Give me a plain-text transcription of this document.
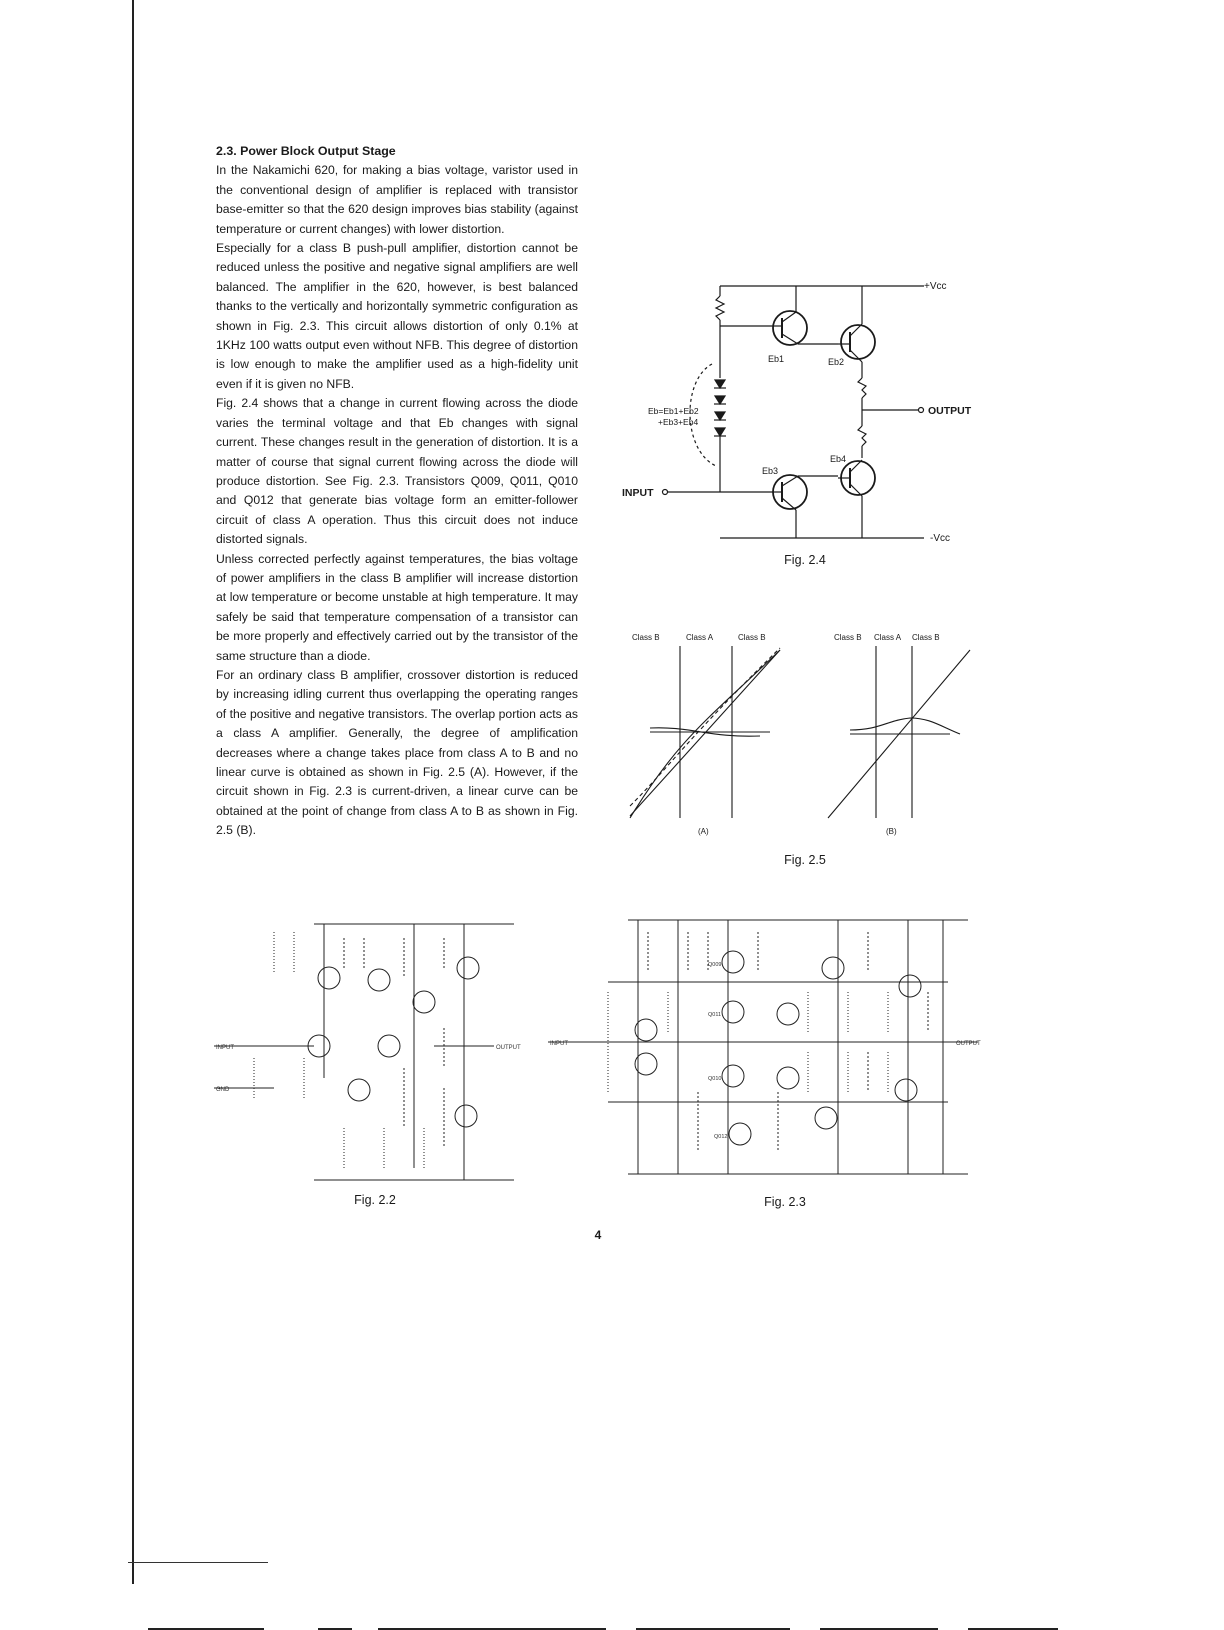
2.3. Power Block Output Stage

In the Nakamichi 620, for making a bias voltage, varistor used in the conventional design of amplifier is replaced with transistor base-emitter so that the 620 design improves bias stability (against temperature or current changes) with lower distortion.

Especially for a class B push-pull amplifier, distortion cannot be reduced unless the positive and negative signal amplifiers are well balanced. The amplifier in the 620, however, is best balanced thanks to the vertically and horizontally symmetric configuration as shown in Fig. 2.3. This circuit allows distortion of only 0.1% at 1KHz 100 watts output even without NFB. This degree of distortion is low enough to make the amplifier used as a high-fidelity unit even if it is given no NFB.

Fig. 2.4 shows that a change in current flowing across the diode varies the terminal voltage and that Eb changes with signal current. These changes result in the generation of distortion. It is a matter of course that signal current flowing across the diode will produce distortion. See Fig. 2.3. Transistors Q009, Q011, Q010 and Q012 that generate bias voltage form an emitter-follower circuit of class A operation. Thus this circuit does not induce distorted signals.

Unless corrected perfectly against temperatures, the bias voltage of power amplifiers in the class B amplifier will increase distortion at low temperature or become unstable at high temperature. It may safely be said that temperature compensation of a transistor can be more properly and effectively carried out by the transistor of the same structure than a diode.

For an ordinary class B amplifier, crossover distortion is reduced by increasing idling current thus overlapping the operating ranges of the positive and negative transistors. The overlap portion acts as a class A amplifier. Generally, the degree of amplification decreases where a change takes place from class A to B and no linear curve is obtained as shown in Fig. 2.5 (A). However, if the circuit shown in Fig. 2.3 is current-driven, a linear curve can be obtained at the point of change from class A to B as shown in Fig. 2.5 (B).

+Vcc
-Vcc
INPUT
OUTPUT
Eb1	Eb2
Eb3
Eb4
Eb=Eb1+Eb2
+Eb3+Eb4
Fig. 2.4
Class B	Class A	Class B	Class B Class A Class B
(A)	(B)
Fig. 2.5
INPUT
GND
OUTPUT
Fig. 2.2
INPUT	OUTPUT
Q009
Q011
Q010
Q012
Fig. 2.3
4
